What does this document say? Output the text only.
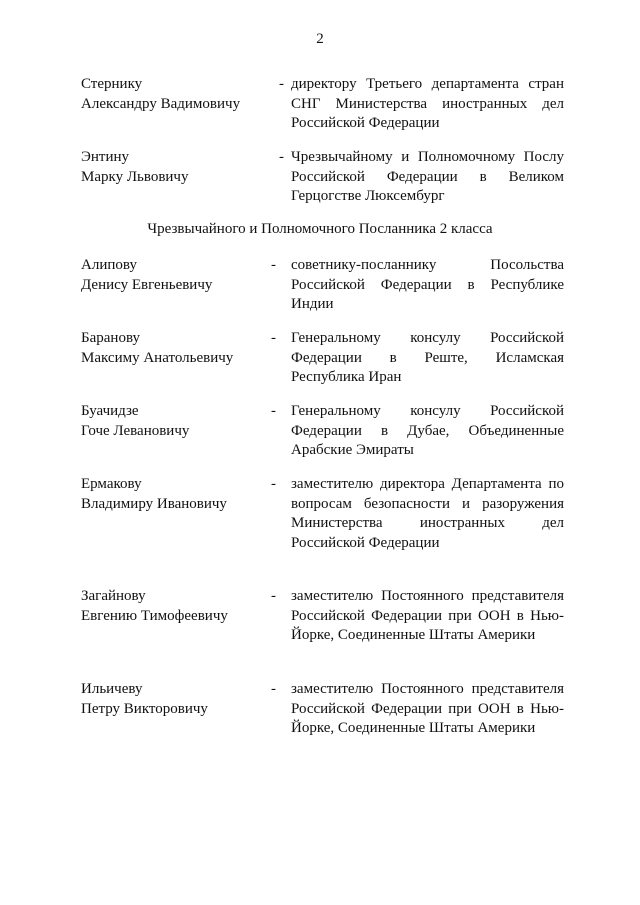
2
Стернику
Александру Вадимовичу
- директору Третьего департамента стран СНГ Министерства иностранных дел Российской Федерации
Энтину
Марку Львовичу
- Чрезвычайному и Полномочному Послу Российской Федерации в Великом Герцогстве Люксембург
Чрезвычайного и Полномочного Посланника 2 класса
Алипову
Денису Евгеньевичу
- советнику-посланнику Посольства Российской Федерации в Республике Индии
Баранову
Максиму Анатольевичу
- Генеральному консулу Российской Федерации в Реште, Исламская Республика Иран
Буачидзе
Гоче Левановичу
- Генеральному консулу Российской Федерации в Дубае, Объединенные Арабские Эмираты
Ермакову
Владимиру Ивановичу
- заместителю директора Департамента по вопросам безопасности и разоружения Министерства иностранных дел Российской Федерации
Загайнову
Евгению Тимофеевичу
- заместителю Постоянного представителя Российской Федерации при ООН в Нью-Йорке, Соединенные Штаты Америки
Ильичеву
Петру Викторовичу
- заместителю Постоянного представителя Российской Федерации при ООН в Нью-Йорке, Соединенные Штаты Америки
